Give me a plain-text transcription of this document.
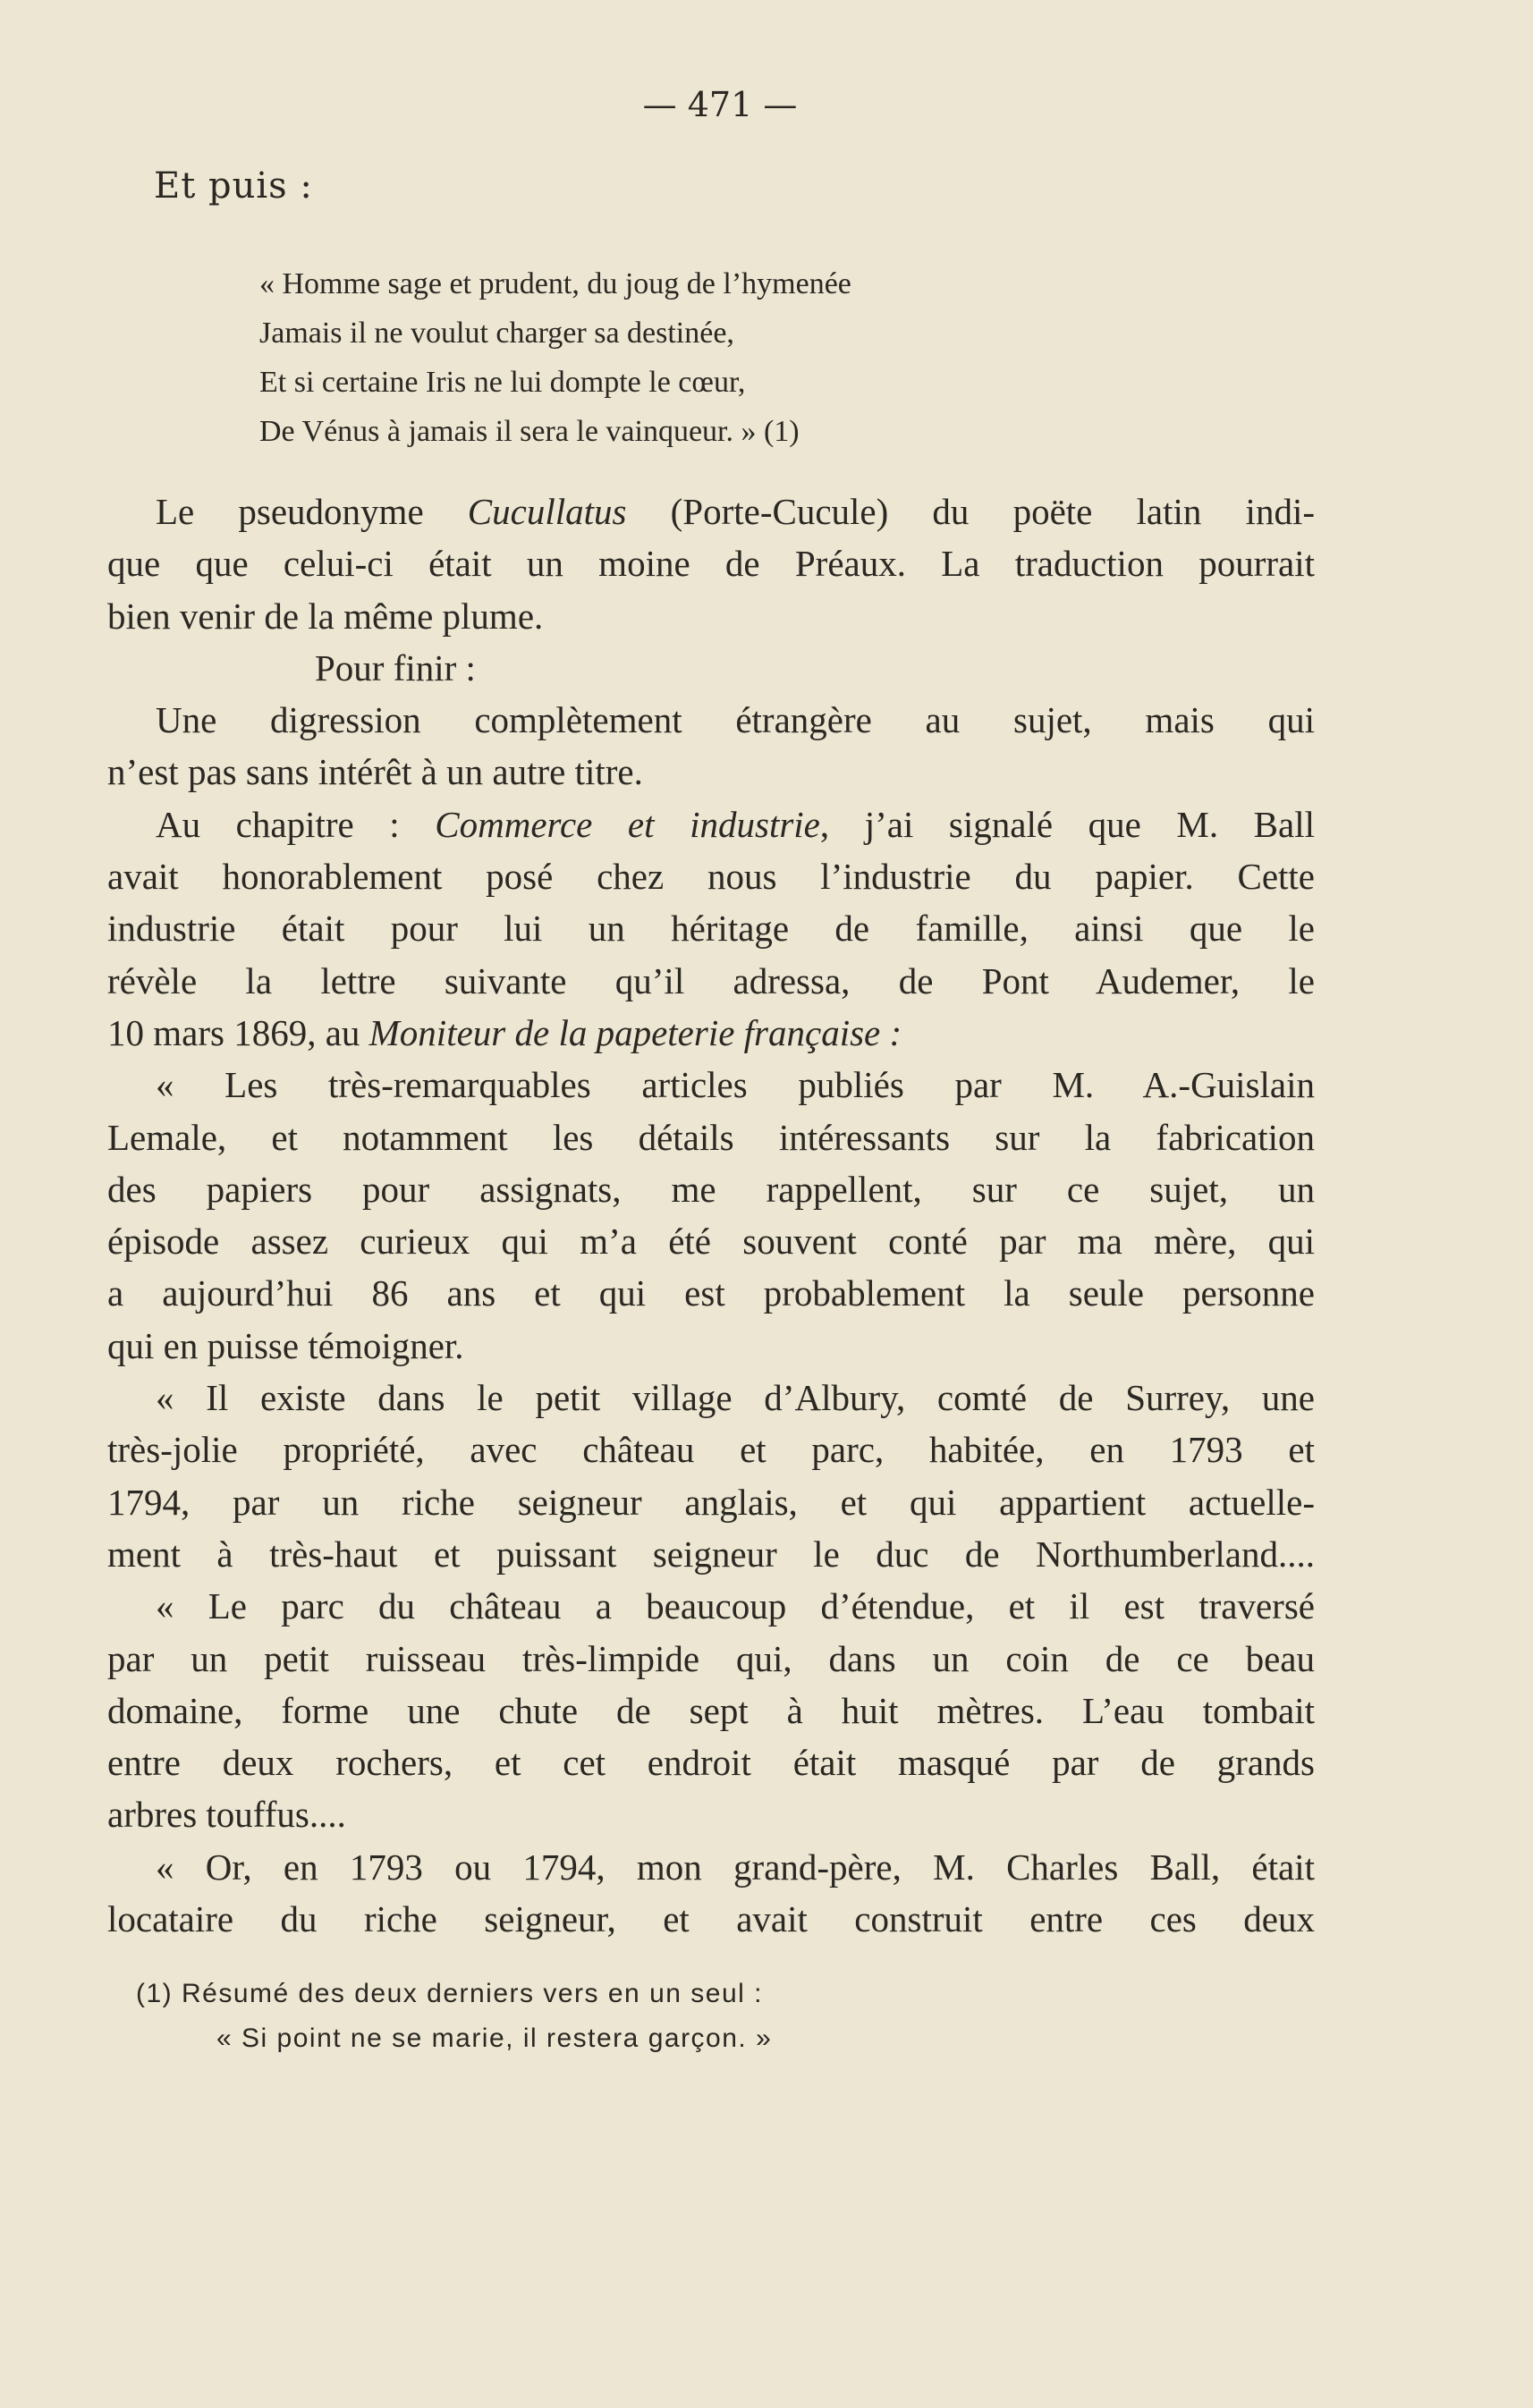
— 471 —
Et puis :
« Homme sage et prudent, du joug de l’hymenée
Jamais il ne voulut charger sa destinée,
Et si certaine Iris ne lui dompte le cœur,
De Vénus à jamais il sera le vainqueur. » (1)

Le pseudonyme Cucullatus (Porte-Cucule) du poëte latin indi-
que que celui-ci était un moine de Préaux. La traduction pourrait
bien venir de la même plume.

Pour finir :

Une digression complètement étrangère au sujet, mais qui
n’est pas sans intérêt à un autre titre.

Au chapitre : Commerce et industrie, j’ai signalé que M. Ball
avait honorablement posé chez nous l’industrie du papier. Cette
industrie était pour lui un héritage de famille, ainsi que le
révèle la lettre suivante qu’il adressa, de Pont Audemer, le
10 mars 1869, au Moniteur de la papeterie française :

« Les très-remarquables articles publiés par M. A.-Guislain
Lemale, et notamment les détails intéressants sur la fabrication
des papiers pour assignats, me rappellent, sur ce sujet, un
épisode assez curieux qui m’a été souvent conté par ma mère, qui
a aujourd’hui 86 ans et qui est probablement la seule personne
qui en puisse témoigner.

« Il existe dans le petit village d’Albury, comté de Surrey, une
très-jolie propriété, avec château et parc, habitée, en 1793 et
1794, par un riche seigneur anglais, et qui appartient actuelle-
ment à très-haut et puissant seigneur le duc de Northumberland....

« Le parc du château a beaucoup d’étendue, et il est traversé
par un petit ruisseau très-limpide qui, dans un coin de ce beau
domaine, forme une chute de sept à huit mètres. L’eau tombait
entre deux rochers, et cet endroit était masqué par de grands
arbres touffus....

« Or, en 1793 ou 1794, mon grand-père, M. Charles Ball, était
locataire du riche seigneur, et avait construit entre ces deux

(1) Résumé des deux derniers vers en un seul :
« Si point ne se marie, il restera garçon. »
